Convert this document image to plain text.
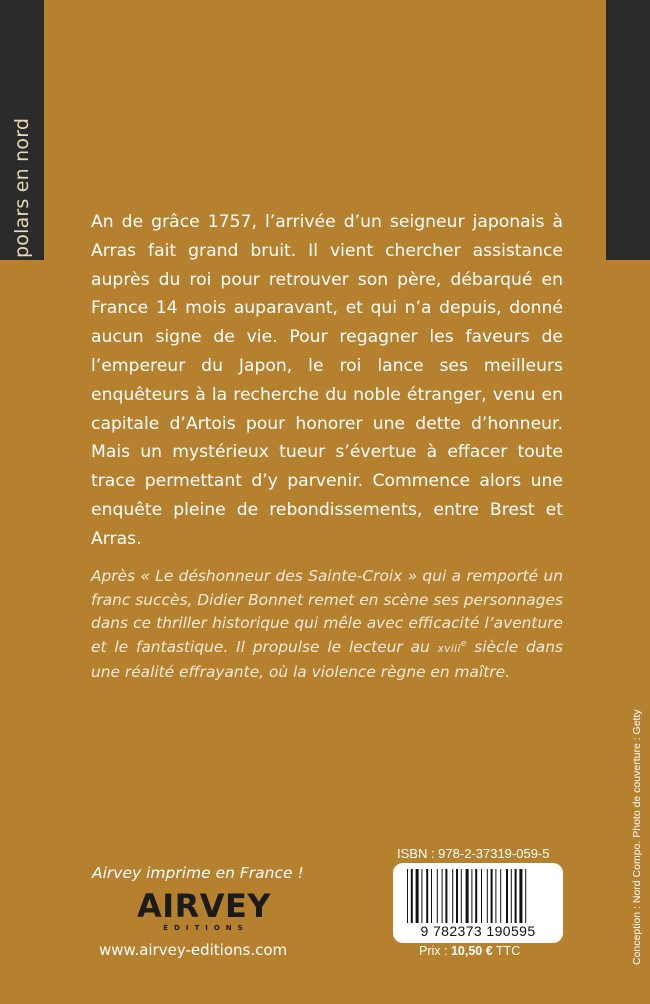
polars en nord	An de grâce 1757, l’arrivée d’un seigneur japonais à Arras fait grand bruit. Il vient chercher assistance auprès du roi pour retrouver son père, débarqué en France 14 mois auparavant, et qui n’a depuis, donné aucun signe de vie. Pour regagner les faveurs de l’empereur du Japon, le roi lance ses meilleurs enquêteurs à la recherche du noble étranger, venu en capitale d’Artois pour honorer une dette d’honneur. Mais un mystérieux tueur s’évertue à effacer toute trace permettant d’y parvenir. Commence alors une enquête pleine de rebondissements, entre Brest et Arras.

Après « Le déshonneur des Sainte-Croix » qui a remporté un franc succès, Didier Bonnet remet en scène ses personnages dans ce thriller historique qui mêle avec efficacité l’aventure et le fantastique. Il propulse le lecteur au xviii$^e$ siècle dans une réalité effrayante, où la violence règne en maître.

Airvey imprime en France !
AIRVEY
ÉDITIONS
www.airvey-editions.com
ISBN : 978-2-37319-059-5
9 782373 190595
Prix : 10,50 € TTC	Conception : Nord Compo. Photo de couverture : Getty
